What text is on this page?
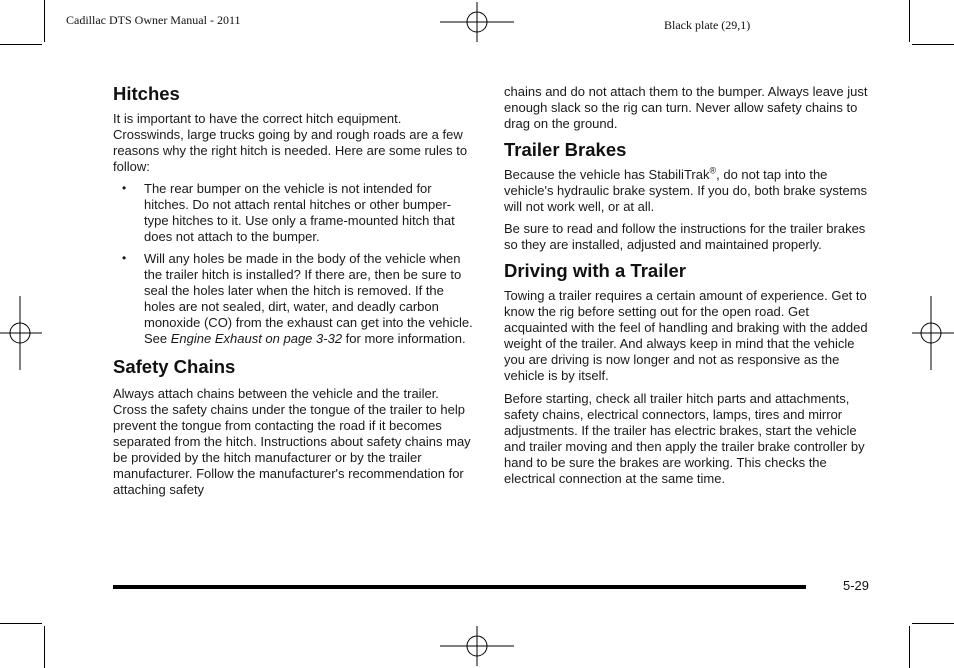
Cadillac DTS Owner Manual - 2011	Black plate (29,1)
Hitches

It is important to have the correct hitch equipment. Crosswinds, large trucks going by and rough roads are a few reasons why the right hitch is needed. Here are some rules to follow:

• The rear bumper on the vehicle is not intended for hitches. Do not attach rental hitches or other bumper-type hitches to it. Use only a frame-mounted hitch that does not attach to the bumper.
• Will any holes be made in the body of the vehicle when the trailer hitch is installed? If there are, then be sure to seal the holes later when the hitch is removed. If the holes are not sealed, dirt, water, and deadly carbon monoxide (CO) from the exhaust can get into the vehicle. See Engine Exhaust on page 3-32 for more information.
Safety Chains

Always attach chains between the vehicle and the trailer. Cross the safety chains under the tongue of the trailer to help prevent the tongue from contacting the road if it becomes separated from the hitch. Instructions about safety chains may be provided by the hitch manufacturer or by the trailer manufacturer. Follow the manufacturer's recommendation for attaching safety

chains and do not attach them to the bumper. Always leave just enough slack so the rig can turn. Never allow safety chains to drag on the ground.

Trailer Brakes

Because the vehicle has StabiliTrak®, do not tap into the vehicle's hydraulic brake system. If you do, both brake systems will not work well, or at all.

Be sure to read and follow the instructions for the trailer brakes so they are installed, adjusted and maintained properly.

Driving with a Trailer

Towing a trailer requires a certain amount of experience. Get to know the rig before setting out for the open road. Get acquainted with the feel of handling and braking with the added weight of the trailer. And always keep in mind that the vehicle you are driving is now longer and not as responsive as the vehicle is by itself.

Before starting, check all trailer hitch parts and attachments, safety chains, electrical connectors, lamps, tires and mirror adjustments. If the trailer has electric brakes, start the vehicle and trailer moving and then apply the trailer brake controller by hand to be sure the brakes are working. This checks the electrical connection at the same time.

5-29
